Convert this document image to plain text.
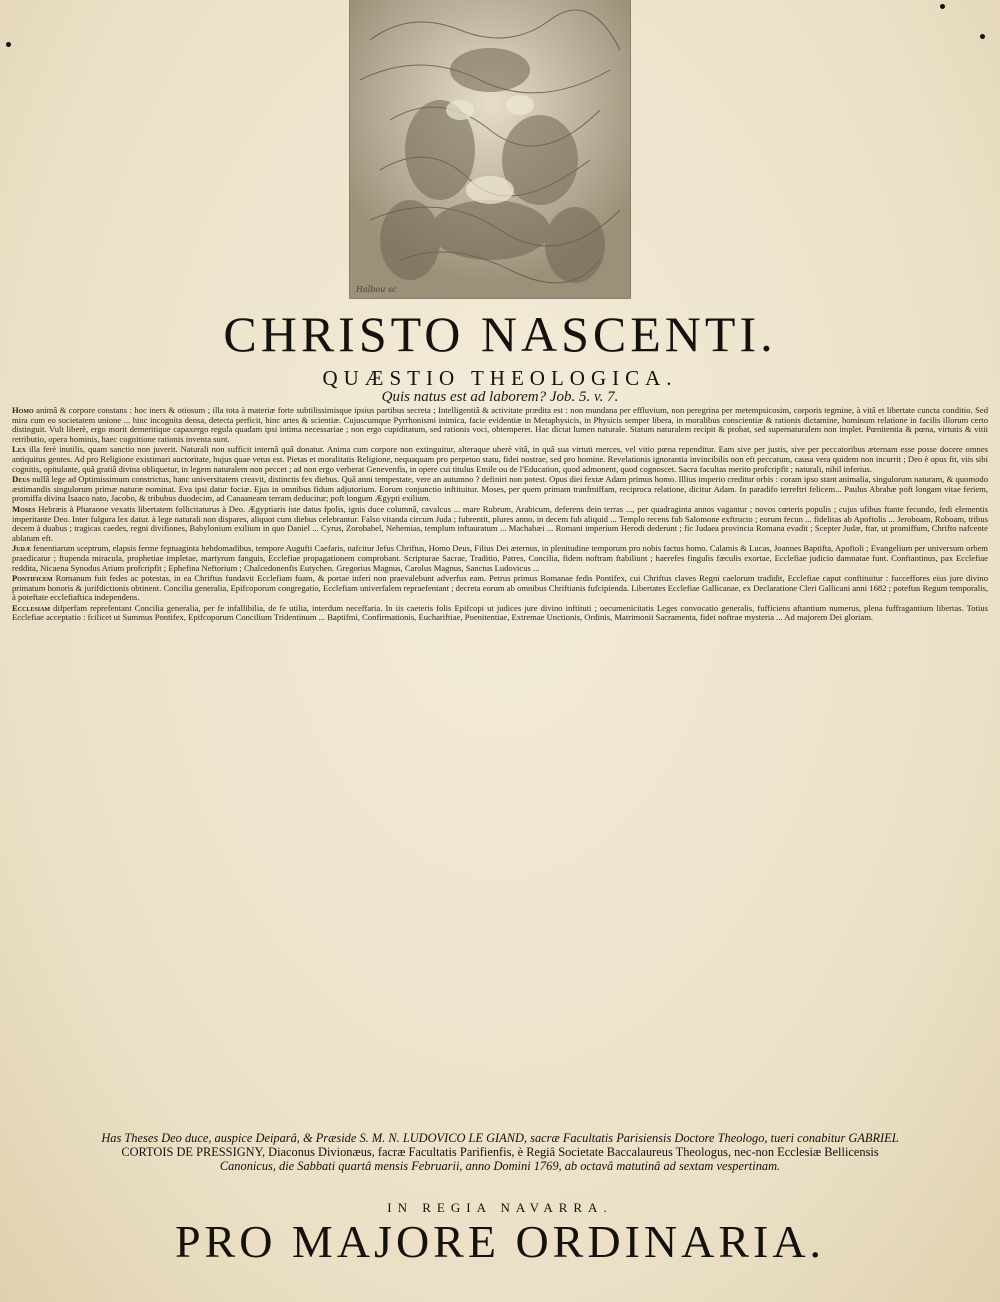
Halbou sc
CHRISTO NASCENTI.
QUÆSTIO THEOLOGICA.
Quis natus est ad laborem? Job. 5. v. 7.

Homo animâ & corpore constans : hoc iners & otiosum ; illa tota à materiæ forte subtilissimisque ipsius partibus secreta ; Intelligentiâ & activitate prædita est : non mundana per effluvium, non peregrina per metempsicosim, corporis tegmine, à vitâ et libertate cuncta conditio. Sed mira cum eo societatem unione ... hinc incognita densa, detecta perficit, hinc artes & scientiæ. Cujuscumque Pyrrhonismi inimica, facie evidentiæ in Metaphysicis, in Physicis semper libera, in moralibus conscientiæ & rationis dictamine, hominum relatione in facilis illorum certo distinguit. Vult liberè, ergo morit demeritique capaxergo regula quadam ipsi intima necessariae ; non ergo cupiditatum, sed rationis voci, obtemperet. Hac dictat lumen naturale. Statum naturalem recipit & probat, sed supernaturalem non implet. Pœnitentia & pœna, virtutis & vitii retributio, opera hominis, haec cognitione rationis inventa sunt.

Lex illa ferè inutilis, quam sanctio non juverit. Naturali non sufficit internâ quâ donatur. Anima cum corpore non extinguitur, alteraque uberè vitâ, in quâ sua virtuti merces, vel vitio pœna rependitur. Eam sive per justis, sive per peccatoribus æternam esse posse docere omnes antiquitus gentes. Ad pro Religione existimari auctoritate, hujus quae vetus est. Pietas et moralitatis Religione, nequaquam pro perpetuo statu, fidei nostrae, sed pro homine. Revelationis ignorantia invincibilis non eft peccatum, causa vera quidem non incurrit ; Deo è opus fit, viis sibi cognitis, opitulante, quâ gratiâ divina obliquetur, in legem naturalem non peccet ; ad non ergo verberat Genevenfis, in opere cui titulus Emile ou de l'Education, quod admonent, quod cognoscet. Sacra facultas merito profcripfit ; naturali, nihil inferius.

Deus nullâ lege ad Optimissimum constrictus, hanc universitatem creavit, distinctis fex diebus. Quâ anni tempestate, vere an autumno ? definiri non potest. Opus diei fextæ Adam primus homo. Illius imperio creditur orbis : coram ipso stant animalia, singulorum naturam, & quomodo æstimandis singulorum primæ naturæ nominat. Eva ipsi datur fociæ. Ejus in omnibus fidum adjutorium. Eorum conjunctio inftituitur. Moses, per quem primam tranfmiffam, reciproca relatione, dicitur Adam. In paradifo terreftri felicem... Paulus Abrahæ poft longam vitae feriem, promiffa divina Isaaco nato, Jacobo, & tribubus duodecim, ad Canaaneam terram deducitur; poft longum Ægypti exilium.

Moses Hebræis à Pharaone vexatis libertatem follicitaturus à Deo. Ægyptiaris iste datus fpolis, ignis duce columnâ, cavalcus ... mare Rubrum, Arabicum, deferens dein terras ..., per quadraginta annos vagantur ; novos cœteris populis ; cujus ufibus ftante fecundo, fedi elementis imperitante Deo. Inter fulgura lex datur. à lege naturali non dispares, aliquot cum diebus celebrantur. Falso vitanda circum Juda ; fubrentit, plures anno, in decem fub aliquid ... Templo recens fub Salomone exftructo ; eorum fecun ... fidelitas ab Apoftolis ... Jeroboam, Roboam, tribus decem à duabus ; tragicas caedes, regni divifiones, Babylonium exilium in quo Daniel ... Cyrus, Zorobabel, Nehemias, templum inftauratum ... Machabæi ... Romani imperium Herodi dederunt ; fic Judaea provincia Romana evadit ; Scepter Judæ, ftar, ut promiffum, Chrifto nafcente ablatum eft.

Judæ fenentiarum sceptrum, elapsis ferme feptuaginta hebdomadibus, tempore Augufti Caefaris, nafcitur Jefus Chriftus, Homo Deus, Filius Dei æternus, in plenitudine temporum pro nobis factus homo. Calamis & Lucas, Joannes Baptifta, Apoftoli ; Evangelium per universum orbem praedicatur ; ftupenda miracula, prophetiae impletae, martyrum fanguis, Ecclefiae propagationem comprobant. Scripturae Sacrae, Traditio, Patres, Concilia, fidem noftram ftabiliunt ; haerefes fingulis fæculis exortae, Ecclefiae judicio damnatae funt. Conftantinus, pax Ecclefiae reddita, Nicaena Synodus Arium profcripfit ; Ephefina Neftorium ; Chalcedonenfis Eutychen. Gregorius Magnus, Carolus Magnus, Sanctus Ludovicus ...

Pontificem Romanum fuit fedes ac potestas, in ea Chriftus fundavit Ecclefiam fuam, & portae inferi non praevalebunt adverfus eam. Petrus primus Romanae fedis Pontifex, cui Chriftus claves Regni caelorum tradidit, Ecclefiae caput conftituitur : fucceffores eius jure divino primatum honoris & jurifdictionis obtinent. Concilia generalia, Epifcoporum congregatio, Ecclefiam univerfalem repraefentant ; decreta eorum ab omnibus Chriftianis fufcipienda. Libertates Ecclefiae Gallicanae, ex Declaratione Cleri Gallicani anni 1682 ; poteftas Regum temporalis, à poteftate ecclefiaftica independens.

Ecclesiam difperfam reprefentant Concilia generalia, per fe infallibilia, de fe utilia, interdum neceffaria. In iis caeteris folis Epifcopi ut judices jure divino inftituti ; oecumenicitatis Leges convocatio generalis, fufficiens aftantium numerus, plena fuffragantium libertas. Totius Ecclefiae acceptatio : fcilicet ut Summus Pontifex, Epifcoporum Concilium Tridentinum ... Baptifmi, Confirmationis, Euchariftiae, Poenitentiae, Extremae Unctionis, Ordinis, Matrimonii Sacramenta, fidei noftrae mysteria ... Ad majorem Dei gloriam.

Has Theses Deo duce, auspice Deiparâ, & Præside S. M. N. LUDOVICO LE GIAND, sacræ Facultatis Parisiensis Doctore Theologo, tueri conabitur GABRIEL
CORTOIS DE PRESSIGNY, Diaconus Divionæus, facræ Facultatis Parifienfis, è Regiâ Societate Baccalaureus Theologus, nec-non Ecclesiæ Bellicensis
Canonicus, die Sabbati quartâ mensis Februarii, anno Domini 1769, ab octavâ matutinâ ad sextam vespertinam.
IN REGIA NAVARRA.
PRO MAJORE ORDINARIA.
